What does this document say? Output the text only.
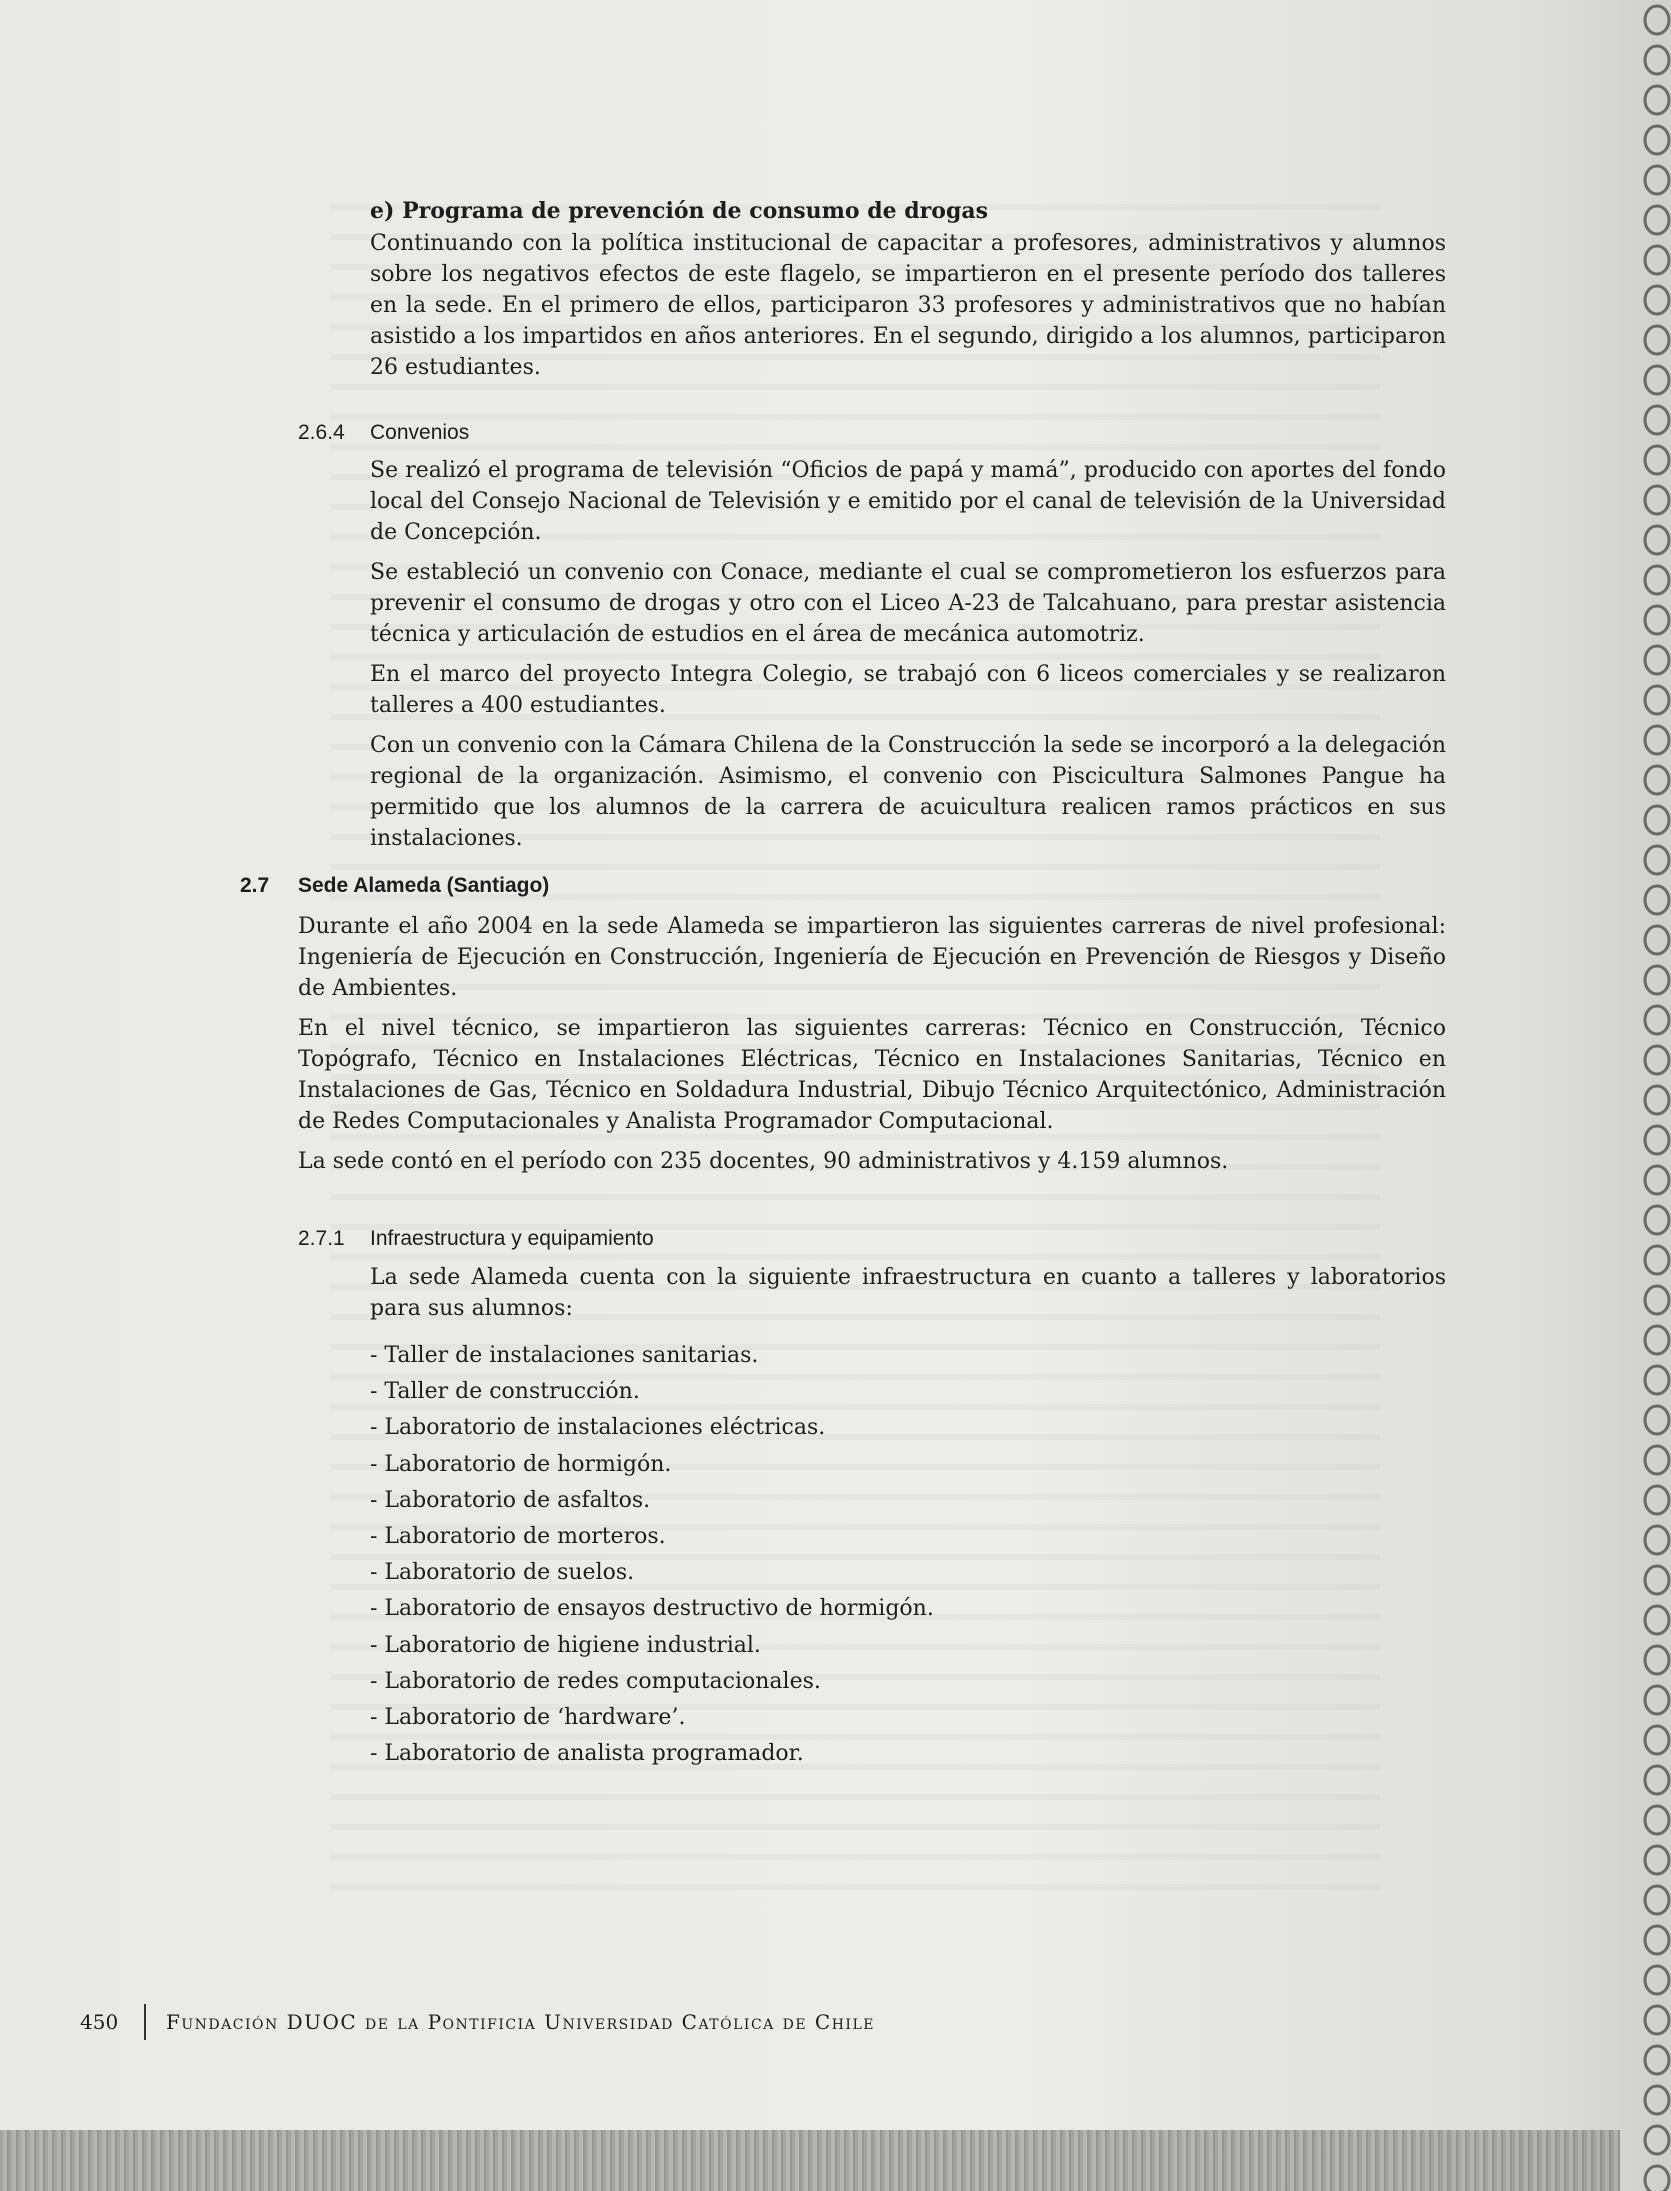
e) Programa de prevención de consumo de drogas

Continuando con la política institucional de capacitar a profesores, administrativos y alumnos sobre los negativos efectos de este flagelo, se impartieron en el presente período dos talleres en la sede. En el primero de ellos, participaron 33 profesores y administrativos que no habían asistido a los impartidos en años anteriores. En el segundo, dirigido a los alumnos, participaron 26 estudiantes.

2.6.4 Convenios

Se realizó el programa de televisión “Oficios de papá y mamá”, producido con aportes del fondo local del Consejo Nacional de Televisión y e emitido por el canal de televisión de la Universidad de Concepción.

Se estableció un convenio con Conace, mediante el cual se comprometieron los esfuerzos para prevenir el consumo de drogas y otro con el Liceo A-23 de Talcahuano, para prestar asistencia técnica y articulación de estudios en el área de mecánica automotriz.

En el marco del proyecto Integra Colegio, se trabajó con 6 liceos comerciales y se realizaron talleres a 400 estudiantes.

Con un convenio con la Cámara Chilena de la Construcción la sede se incorporó a la delegación regional de la organización. Asimismo, el convenio con Piscicultura Salmones Pangue ha permitido que los alumnos de la carrera de acuicultura realicen ramos prácticos en sus instalaciones.

2.7 Sede Alameda (Santiago)

Durante el año 2004 en la sede Alameda se impartieron las siguientes carreras de nivel profesional: Ingeniería de Ejecución en Construcción, Ingeniería de Ejecución en Prevención de Riesgos y Diseño de Ambientes.

En el nivel técnico, se impartieron las siguientes carreras: Técnico en Construcción, Técnico Topógrafo, Técnico en Instalaciones Eléctricas, Técnico en Instalaciones Sanitarias, Técnico en Instalaciones de Gas, Técnico en Soldadura Industrial, Dibujo Técnico Arquitectónico, Administración de Redes Computacionales y Analista Programador Computacional.

La sede contó en el período con 235 docentes, 90 administrativos y 4.159 alumnos.

2.7.1 Infraestructura y equipamiento

La sede Alameda cuenta con la siguiente infraestructura en cuanto a talleres y laboratorios para sus alumnos:

- Taller de instalaciones sanitarias.
- Taller de construcción.
- Laboratorio de instalaciones eléctricas.
- Laboratorio de hormigón.
- Laboratorio de asfaltos.
- Laboratorio de morteros.
- Laboratorio de suelos.
- Laboratorio de ensayos destructivo de hormigón.
- Laboratorio de higiene industrial.
- Laboratorio de redes computacionales.
- Laboratorio de ‘hardware’.
- Laboratorio de analista programador.
450	Fundación DUOC de la Pontificia Universidad Católica de Chile
